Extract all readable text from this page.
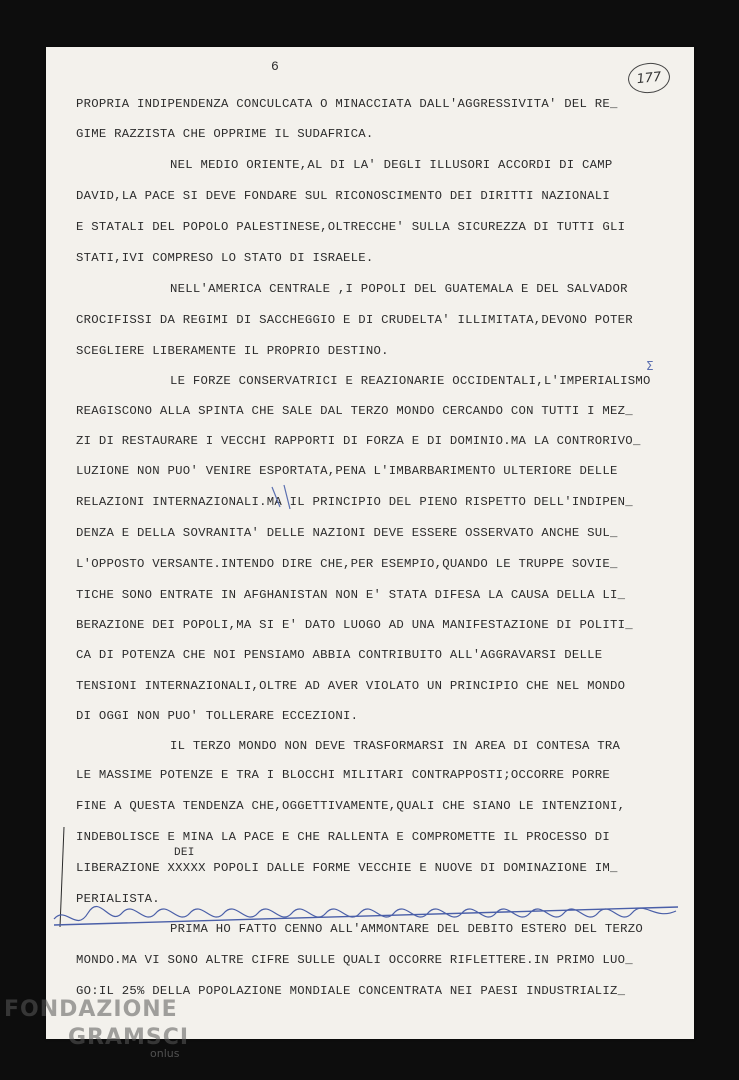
6
177
PROPRIA INDIPENDENZA CONCULCATA O MINACCIATA DALL'AGGRESSIVITA' DEL RE_
GIME RAZZISTA CHE OPPRIME IL SUDAFRICA.
NEL MEDIO ORIENTE,AL DI LA' DEGLI ILLUSORI ACCORDI DI CAMP
DAVID,LA PACE SI DEVE FONDARE SUL RICONOSCIMENTO DEI DIRITTI NAZIONALI
E STATALI DEL POPOLO PALESTINESE,OLTRECCHE' SULLA SICUREZZA DI TUTTI GLI
STATI,IVI COMPRESO LO STATO DI ISRAELE.
NELL'AMERICA CENTRALE ,I POPOLI DEL GUATEMALA E DEL SALVADOR
CROCIFISSI DA REGIMI DI SACCHEGGIO E DI CRUDELTA' ILLIMITATA,DEVONO POTER
SCEGLIERE LIBERAMENTE IL PROPRIO DESTINO.
LE FORZE CONSERVATRICI E REAZIONARIE OCCIDENTALI,L'IMPERIALISMO
REAGISCONO ALLA SPINTA CHE SALE DAL TERZO MONDO CERCANDO CON TUTTI I MEZ_
ZI DI RESTAURARE I VECCHI RAPPORTI DI FORZA E DI DOMINIO.MA LA CONTRORIVO_
LUZIONE NON PUO' VENIRE ESPORTATA,PENA L'IMBARBARIMENTO ULTERIORE DELLE
RELAZIONI INTERNAZIONALI.MA IL PRINCIPIO DEL PIENO RISPETTO DELL'INDIPEN_
DENZA E DELLA SOVRANITA' DELLE NAZIONI DEVE ESSERE OSSERVATO ANCHE SUL_
L'OPPOSTO VERSANTE.INTENDO DIRE CHE,PER ESEMPIO,QUANDO LE TRUPPE SOVIE_
TICHE SONO ENTRATE IN AFGHANISTAN NON E' STATA DIFESA LA CAUSA DELLA LI_
BERAZIONE DEI POPOLI,MA SI E' DATO LUOGO AD UNA MANIFESTAZIONE DI POLITI_
CA DI POTENZA CHE NOI PENSIAMO ABBIA CONTRIBUITO ALL'AGGRAVARSI DELLE
TENSIONI INTERNAZIONALI,OLTRE AD AVER VIOLATO UN PRINCIPIO CHE NEL MONDO
DI OGGI NON PUO' TOLLERARE ECCEZIONI.
IL TERZO MONDO NON DEVE TRASFORMARSI IN AREA DI CONTESA TRA
LE MASSIME POTENZE E TRA I BLOCCHI MILITARI CONTRAPPOSTI;OCCORRE PORRE
FINE A QUESTA TENDENZA CHE,OGGETTIVAMENTE,QUALI CHE SIANO LE INTENZIONI,
INDEBOLISCE E MINA LA PACE E CHE RALLENTA E COMPROMETTE IL PROCESSO DI
DEI
LIBERAZIONE XXXXX POPOLI DALLE FORME VECCHIE E NUOVE DI DOMINAZIONE IM_
PERIALISTA.
PRIMA HO FATTO CENNO ALL'AMMONTARE DEL DEBITO ESTERO DEL TERZO
MONDO.MA VI SONO ALTRE CIFRE SULLE QUALI OCCORRE RIFLETTERE.IN PRIMO LUO_
GO:IL 25% DELLA POPOLAZIONE MONDIALE CONCENTRATA NEI PAESI INDUSTRIALIZ_
Σ
FONDAZIONE
GRAMSCI
onlus
